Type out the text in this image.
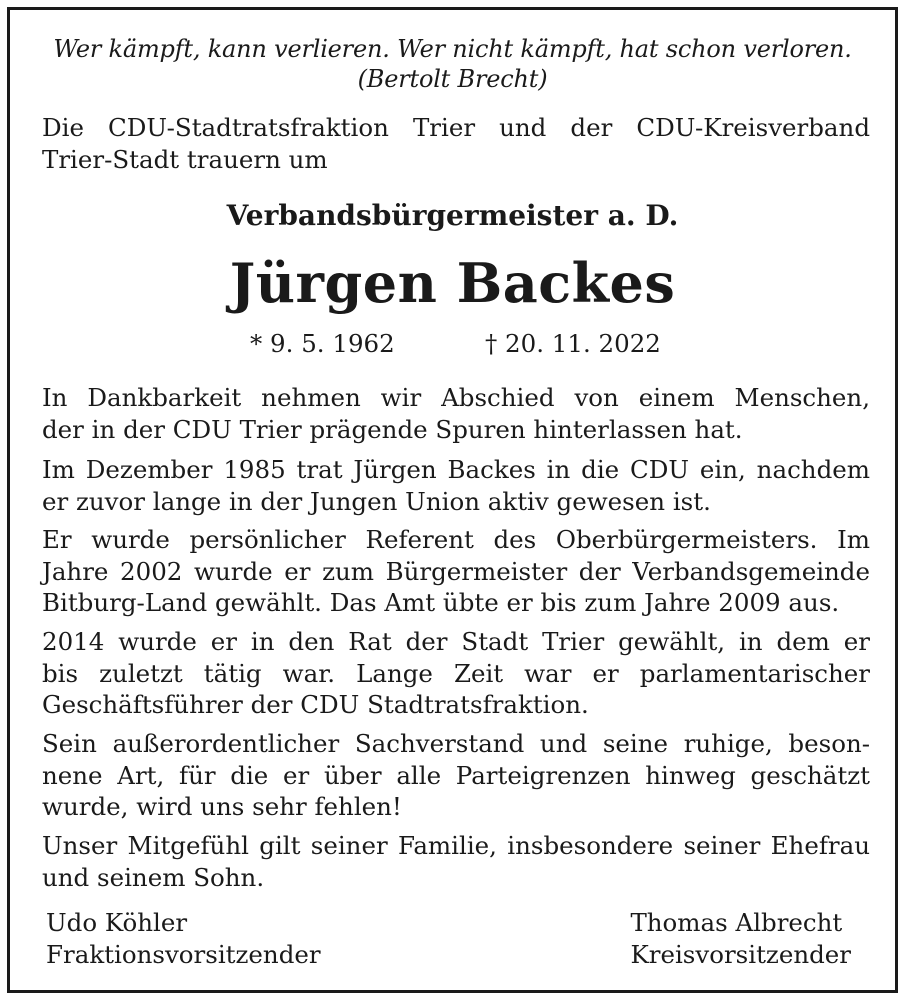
Wer kämpft, kann verlieren. Wer nicht kämpft, hat schon verloren.
(Bertolt Brecht)
Die CDU-Stadtratsfraktion Trier und der CDU-Kreisverband
Trier-Stadt trauern um
Verbandsbürgermeister a. D.
Jürgen Backes
* 9. 5. 1962	† 20. 11. 2022
In Dankbarkeit nehmen wir Abschied von einem Menschen,
der in der CDU Trier prägende Spuren hinterlassen hat.
Im Dezember 1985 trat Jürgen Backes in die CDU ein, nachdem
er zuvor lange in der Jungen Union aktiv gewesen ist.
Er wurde persönlicher Referent des Oberbürgermeisters. Im
Jahre 2002 wurde er zum Bürgermeister der Verbandsgemeinde
Bitburg-Land gewählt. Das Amt übte er bis zum Jahre 2009 aus.
2014 wurde er in den Rat der Stadt Trier gewählt, in dem er
bis zuletzt tätig war. Lange Zeit war er parlamentarischer
Geschäftsführer der CDU Stadtratsfraktion.
Sein außerordentlicher Sachverstand und seine ruhige, beson-
nene Art, für die er über alle Parteigrenzen hinweg geschätzt
wurde, wird uns sehr fehlen!
Unser Mitgefühl gilt seiner Familie, insbesondere seiner Ehefrau
und seinem Sohn.
Udo Köhler
Fraktionsvorsitzender
Thomas Albrecht
Kreisvorsitzender
